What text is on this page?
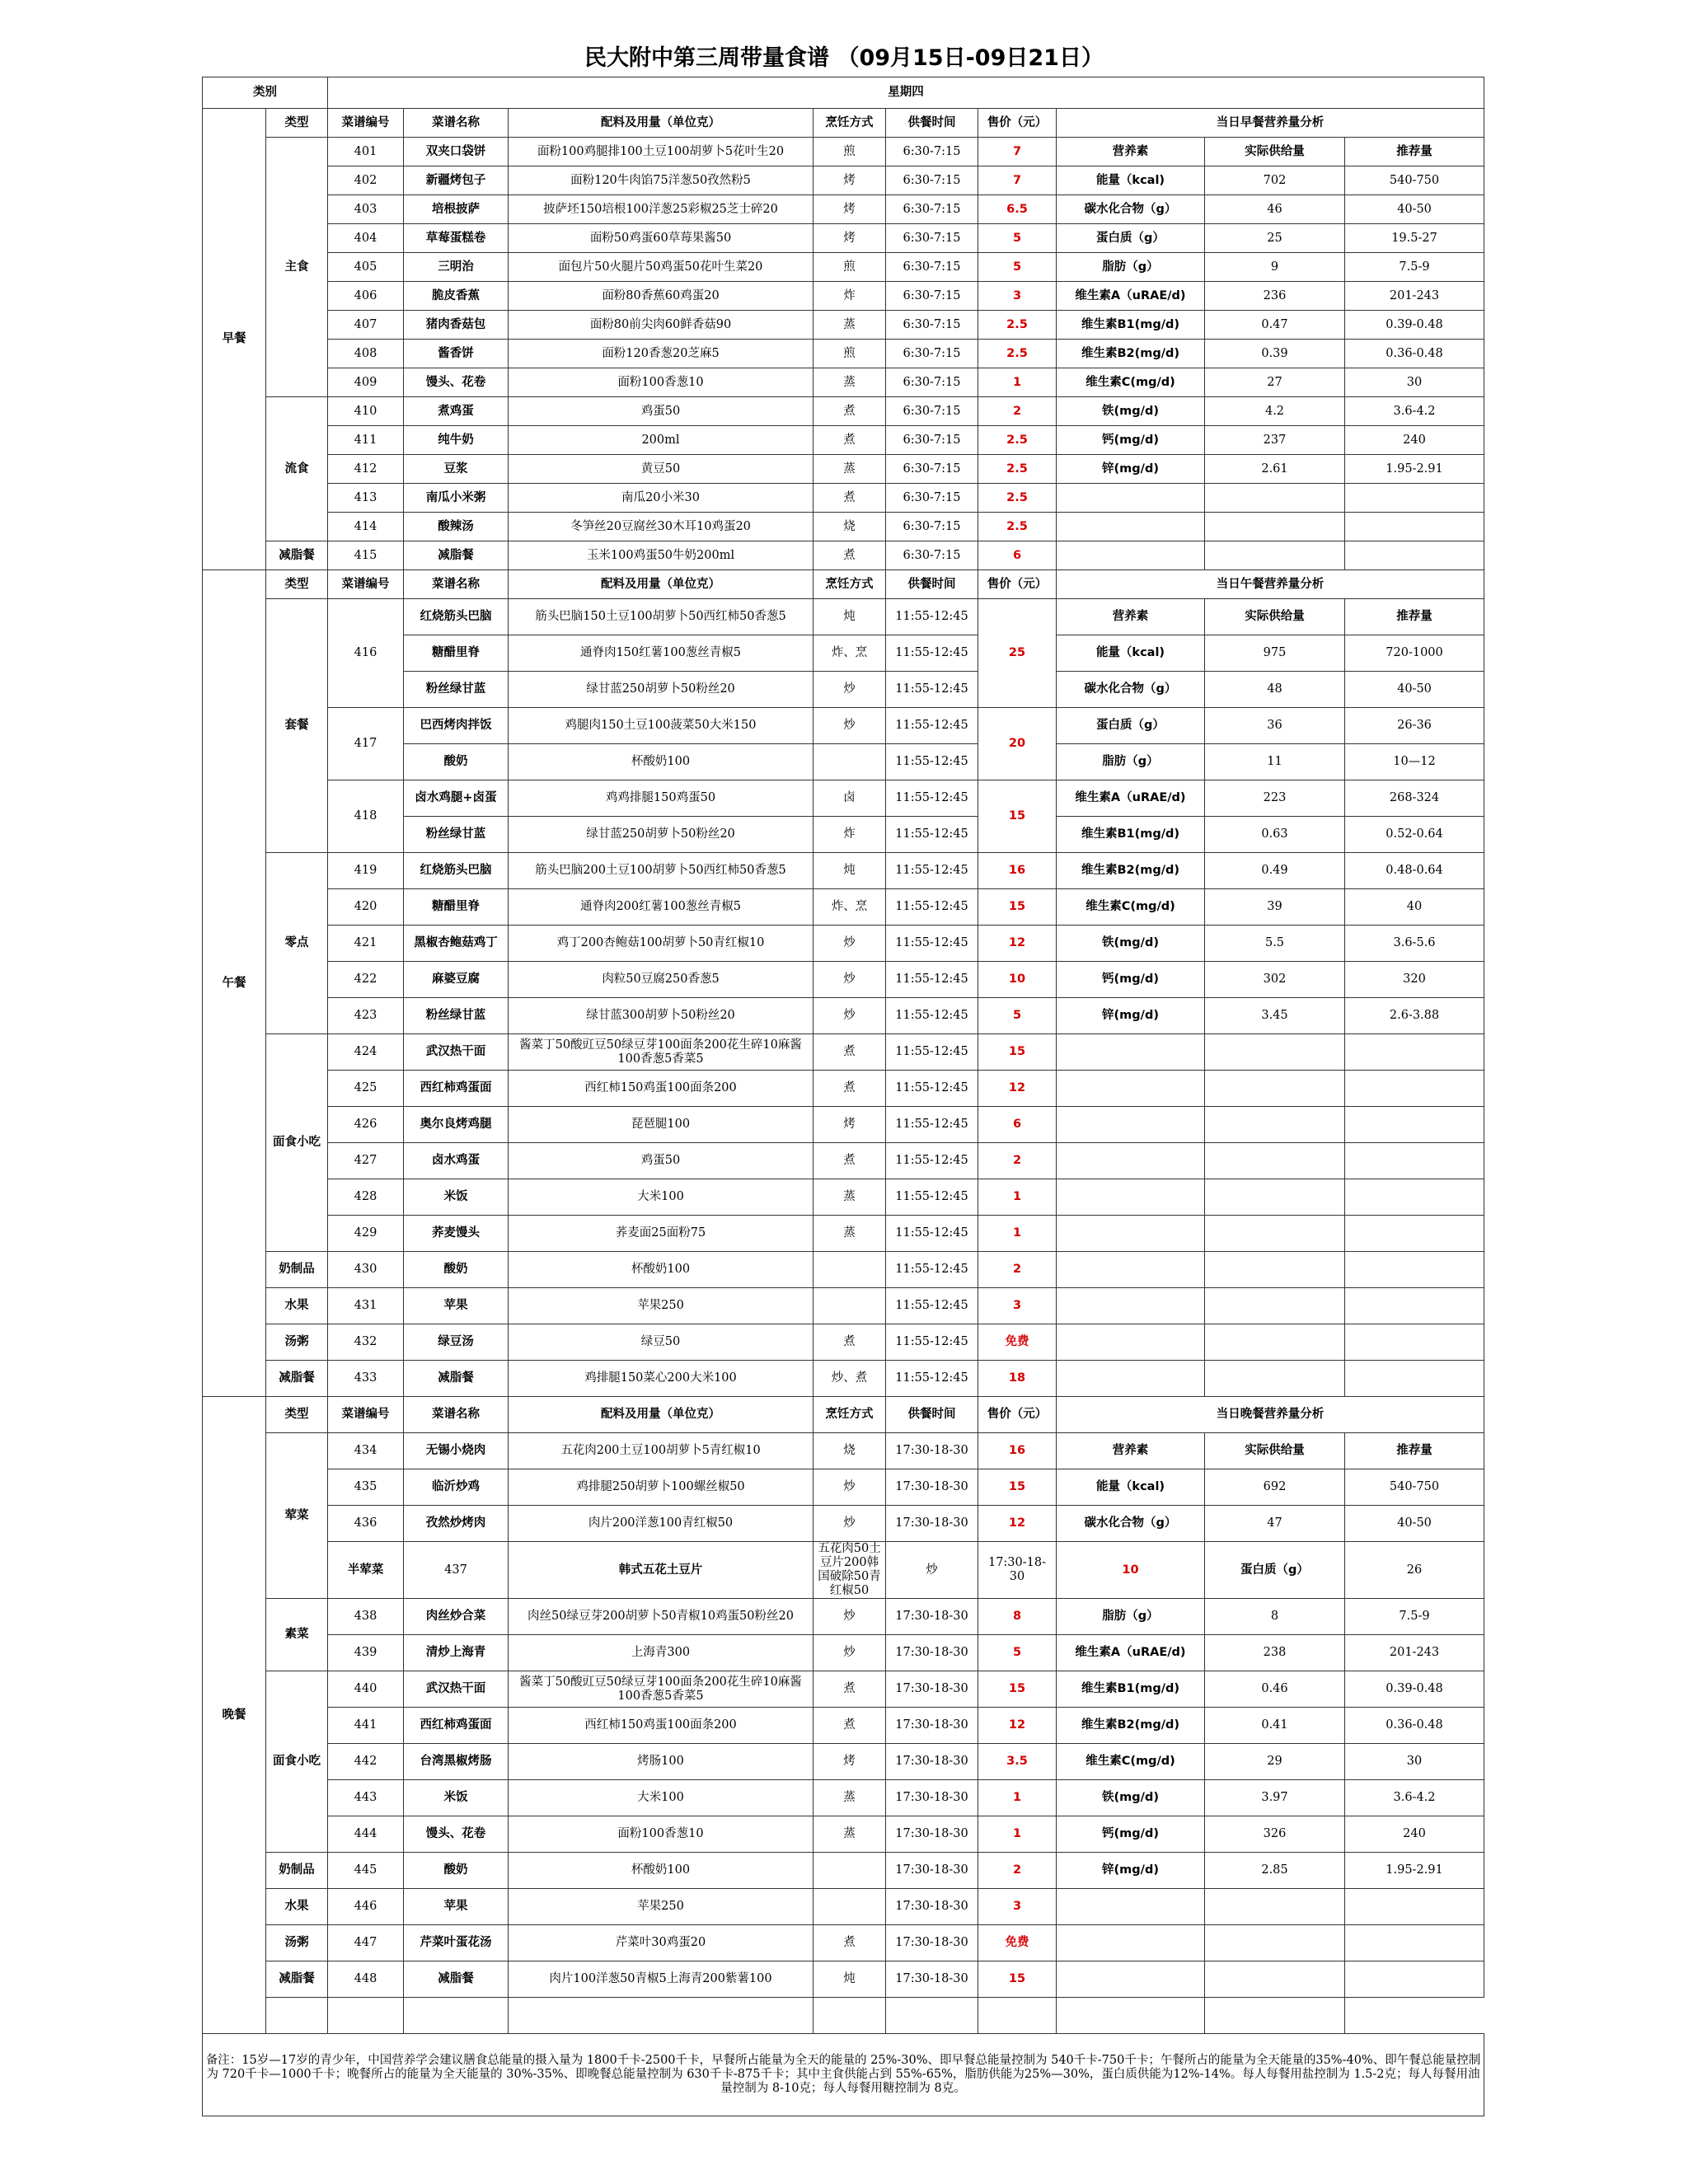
民大附中第三周带量食谱 （09月15日-09日21日）
类别		星期四									
早餐	类型	菜谱编号	菜谱名称	配料及用量（单位克）	烹饪方式	供餐时间	售价（元）	当日早餐营养量分析			
	主食	401	双夹口袋饼	面粉100鸡腿排100土豆100胡萝卜5花叶生20	煎	6:30-7:15	7	营养素	实际供给量	推荐量	
		402	新疆烤包子	面粉120牛肉馅75洋葱50孜然粉5	烤	6:30-7:15	7	能量（kcal)	702	540-750	
		403	培根披萨	披萨坯150培根100洋葱25彩椒25芝士碎20	烤	6:30-7:15	6.5	碳水化合物（g）	46	40-50	
		404	草莓蛋糕卷	面粉50鸡蛋60草莓果酱50	烤	6:30-7:15	5	蛋白质（g）	25	19.5-27	
		405	三明治	面包片50火腿片50鸡蛋50花叶生菜20	煎	6:30-7:15	5	脂肪（g）	9	7.5-9	
		406	脆皮香蕉	面粉80香蕉60鸡蛋20	炸	6:30-7:15	3	维生素A（uRAE/d)	236	201-243	
		407	猪肉香菇包	面粉80前尖肉60鲜香菇90	蒸	6:30-7:15	2.5	维生素B1(mg/d)	0.47	0.39-0.48	
		408	酱香饼	面粉120香葱20芝麻5	煎	6:30-7:15	2.5	维生素B2(mg/d)	0.39	0.36-0.48	
		409	馒头、花卷	面粉100香葱10	蒸	6:30-7:15	1	维生素C(mg/d)	27	30	
	流食	410	煮鸡蛋	鸡蛋50	煮	6:30-7:15	2	铁(mg/d)	4.2	3.6-4.2	
		411	纯牛奶	200ml	煮	6:30-7:15	2.5	钙(mg/d)	237	240	
		412	豆浆	黄豆50	蒸	6:30-7:15	2.5	锌(mg/d)	2.61	1.95-2.91	
		413	南瓜小米粥	南瓜20小米30	煮	6:30-7:15	2.5				
		414	酸辣汤	冬笋丝20豆腐丝30木耳10鸡蛋20	烧	6:30-7:15	2.5				
	减脂餐	415	减脂餐	玉米100鸡蛋50牛奶200ml	煮	6:30-7:15	6				
午餐	类型	菜谱编号	菜谱名称	配料及用量（单位克）	烹饪方式	供餐时间	售价（元）	当日午餐营养量分析			
	套餐	416	红烧筋头巴脑	筋头巴脑150土豆100胡萝卜50西红柿50香葱5	炖	11:55-12:45	25	营养素	实际供给量	推荐量	
			糖醋里脊	通脊肉150红薯100葱丝青椒5	炸、烹	11:55-12:45		能量（kcal)	975	720-1000	
			粉丝绿甘蓝	绿甘蓝250胡萝卜50粉丝20	炒	11:55-12:45		碳水化合物（g）	48	40-50	
		417	巴西烤肉拌饭	鸡腿肉150土豆100菠菜50大米150	炒	11:55-12:45	20	蛋白质（g）	36	26-36	
			酸奶	杯酸奶100		11:55-12:45		脂肪（g）	11	10—12	
		418	卤水鸡腿+卤蛋	鸡鸡排腿150鸡蛋50	卤	11:55-12:45	15	维生素A（uRAE/d)	223	268-324	
			粉丝绿甘蓝	绿甘蓝250胡萝卜50粉丝20	炸	11:55-12:45		维生素B1(mg/d)	0.63	0.52-0.64	
	零点	419	红烧筋头巴脑	筋头巴脑200土豆100胡萝卜50西红柿50香葱5	炖	11:55-12:45	16	维生素B2(mg/d)	0.49	0.48-0.64	
		420	糖醋里脊	通脊肉200红薯100葱丝青椒5	炸、烹	11:55-12:45	15	维生素C(mg/d)	39	40	
		421	黑椒杏鲍菇鸡丁	鸡丁200杏鲍菇100胡萝卜50青红椒10	炒	11:55-12:45	12	铁(mg/d)	5.5	3.6-5.6	
		422	麻婆豆腐	肉粒50豆腐250香葱5	炒	11:55-12:45	10	钙(mg/d)	302	320	
		423	粉丝绿甘蓝	绿甘蓝300胡萝卜50粉丝20	炒	11:55-12:45	5	锌(mg/d)	3.45	2.6-3.88	
	面食小吃	424	武汉热干面	酱菜丁50酸豇豆50绿豆芽100面条200花生碎10麻酱100香葱5香菜5	煮	11:55-12:45	15				
		425	西红柿鸡蛋面	西红柿150鸡蛋100面条200	煮	11:55-12:45	12				
		426	奥尔良烤鸡腿	琵琶腿100	烤	11:55-12:45	6				
		427	卤水鸡蛋	鸡蛋50	煮	11:55-12:45	2				
		428	米饭	大米100	蒸	11:55-12:45	1				
		429	荞麦馒头	荞麦面25面粉75	蒸	11:55-12:45	1				
	奶制品	430	酸奶	杯酸奶100		11:55-12:45	2				
	水果	431	苹果	苹果250		11:55-12:45	3				
	汤粥	432	绿豆汤	绿豆50	煮	11:55-12:45	免费				
	减脂餐	433	减脂餐	鸡排腿150菜心200大米100	炒、煮	11:55-12:45	18				
晚餐	类型	菜谱编号	菜谱名称	配料及用量（单位克）	烹饪方式	供餐时间	售价（元）	当日晚餐营养量分析			
	荤菜	434	无锡小烧肉	五花肉200土豆100胡萝卜5青红椒10	烧	17:30-18-30	16	营养素	实际供给量	推荐量	
		435	临沂炒鸡	鸡排腿250胡萝卜100螺丝椒50	炒	17:30-18-30	15	能量（kcal)	692	540-750	
		436	孜然炒烤肉	肉片200洋葱100青红椒50	炒	17:30-18-30	12	碳水化合物（g）	47	40-50	
		半荤菜	437	韩式五花土豆片	五花肉50土豆片200韩国破除50青红椒50	炒	17:30-18-30	10	蛋白质（g）	26	
	素菜	438	肉丝炒合菜	肉丝50绿豆芽200胡萝卜50青椒10鸡蛋50粉丝20	炒	17:30-18-30	8	脂肪（g）	8	7.5-9	
		439	清炒上海青	上海青300	炒	17:30-18-30	5	维生素A（uRAE/d)	238	201-243	
	面食小吃	440	武汉热干面	酱菜丁50酸豇豆50绿豆芽100面条200花生碎10麻酱100香葱5香菜5	煮	17:30-18-30	15	维生素B1(mg/d)	0.46	0.39-0.48	
		441	西红柿鸡蛋面	西红柿150鸡蛋100面条200	煮	17:30-18-30	12	维生素B2(mg/d)	0.41	0.36-0.48	
		442	台湾黑椒烤肠	烤肠100	烤	17:30-18-30	3.5	维生素C(mg/d)	29	30	
		443	米饭	大米100	蒸	17:30-18-30	1	铁(mg/d)	3.97	3.6-4.2	
		444	馒头、花卷	面粉100香葱10	蒸	17:30-18-30	1	钙(mg/d)	326	240	
	奶制品	445	酸奶	杯酸奶100		17:30-18-30	2	锌(mg/d)	2.85	1.95-2.91	
	水果	446	苹果	苹果250		17:30-18-30	3				
	汤粥	447	芹菜叶蛋花汤	芹菜叶30鸡蛋20	煮	17:30-18-30	免费				
	减脂餐	448	减脂餐	肉片100洋葱50青椒5上海青200紫薯100	炖	17:30-18-30	15				

备注：15岁—17岁的青少年，中国营养学会建议膳食总能量的摄入量为 1800千卡-2500千卡，早餐所占能量为全天的能量的 25%-30%、即早餐总能量控制为 540千卡-750千卡；午餐所占的能量为全天能量的35%-40%、即午餐总能量控制为 720千卡—1000千卡；晚餐所占的能量为全天能量的 30%-35%、即晚餐总能量控制为 630千卡-875千卡；其中主食供能占到 55%-65%，脂肪供能为25%—30%，蛋白质供能为12%-14%。每人每餐用盐控制为 1.5-2克；每人每餐用油量控制为 8-10克；每人每餐用糖控制为 8克。											
